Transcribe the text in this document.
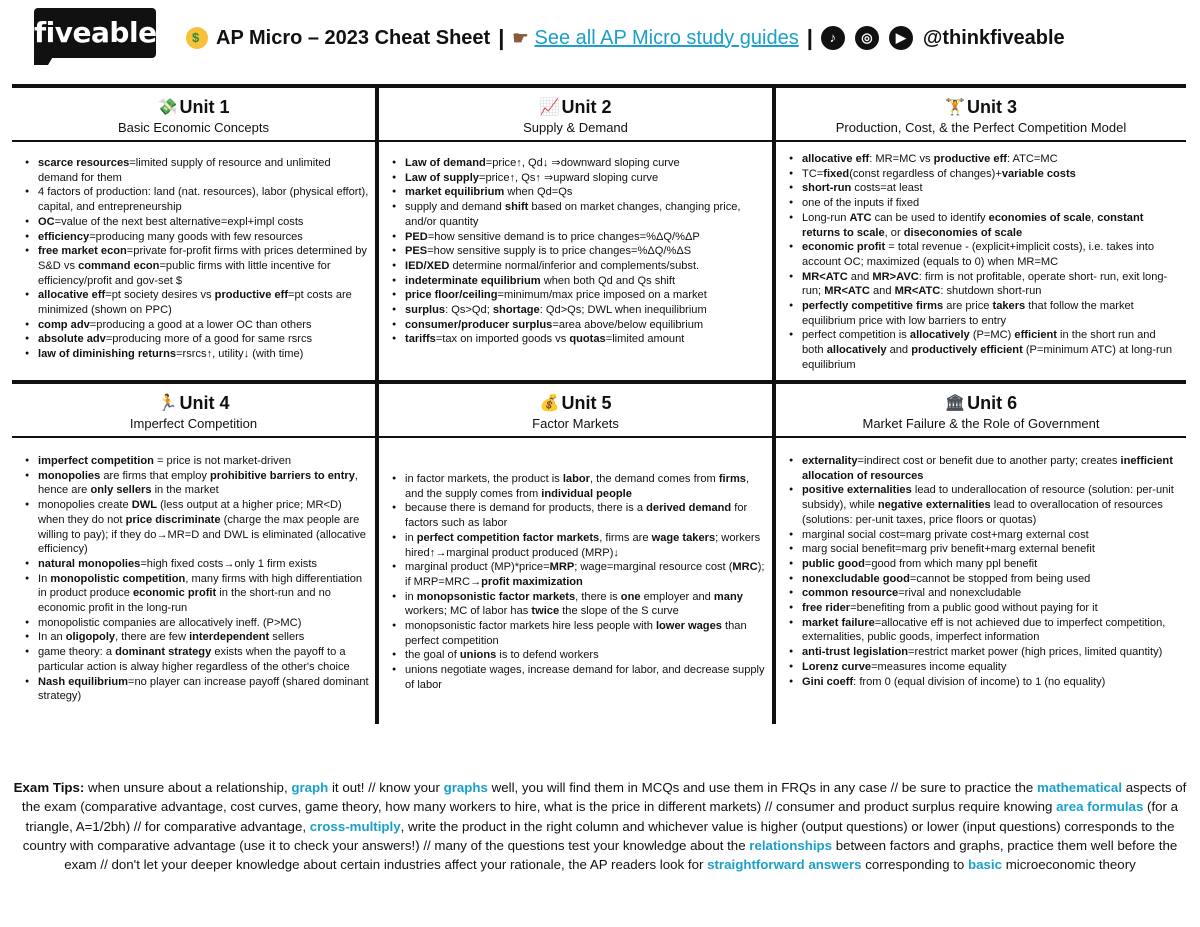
fiveable
$	AP Micro – 2023 Cheat Sheet | ☛ See all AP Micro study guides |	♪	◎	▶ @thinkfiveable
💸 Unit 1
Basic Economic Concepts
● scarce resources=limited supply of resource and unlimited demand for them
● 4 factors of production: land (nat. resources), labor (physical effort), capital, and entrepreneurship
● OC=value of the next best alternative=expl+impl costs
● efficiency=producing many goods with few resources
● free market econ=private for-profit firms with prices determined by S&D vs command econ=public firms with little incentive for efficiency/profit and gov-set $
● allocative eff=pt society desires vs productive eff=pt costs are minimized (shown on PPC)
● comp adv=producing a good at a lower OC than others
● absolute adv=producing more of a good for same rsrcs
● law of diminishing returns=rsrcs↑, utility↓ (with time)
📈 Unit 2
Supply & Demand
● Law of demand=price↑, Qd↓ ⇒downward sloping curve
● Law of supply=price↑, Qs↑ ⇒upward sloping curve
● market equilibrium when Qd=Qs
● supply and demand shift based on market changes, changing price, and/or quantity
● PED=how sensitive demand is to price changes=%ΔQ/%ΔP
● PES=how sensitive supply is to price changes=%ΔQ/%ΔS
● IED/XED determine normal/inferior and complements/subst.
● indeterminate equilibrium when both Qd and Qs shift
● price floor/ceiling=minimum/max price imposed on a market
● surplus: Qs>Qd; shortage: Qd>Qs; DWL when inequilibrium
● consumer/producer surplus=area above/below equilibrium
● tariffs=tax on imported goods vs quotas=limited amount
🏋 Unit 3
Production, Cost, & the Perfect Competition Model
● allocative eff: MR=MC vs productive eff: ATC=MC
● TC=fixed(const regardless of changes)+variable costs
● short-run costs=at least
● one of the inputs if fixed
● Long-run ATC can be used to identify economies of scale, constant returns to scale, or diseconomies of scale
● economic profit = total revenue - (explicit+implicit costs), i.e. takes into account OC; maximized (equals to 0) when MR=MC
● MR<ATC and MR>AVC: firm is not profitable, operate short- run, exit long-run; MR<ATC and MR<ATC: shutdown short-run
● perfectly competitive firms are price takers that follow the market equilibrium price with low barriers to entry
● perfect competition is allocatively (P=MC) efficient in the short run and both allocatively and productively efficient (P=minimum ATC) at long-run equilibrium
🏃 Unit 4
Imperfect Competition
● imperfect competition = price is not market-driven
● monopolies are firms that employ prohibitive barriers to entry, hence are only sellers in the market
● monopolies create DWL (less output at a higher price; MR<D) when they do not price discriminate (charge the max people are willing to pay); if they do→MR=D and DWL is eliminated (allocative efficiency)
● natural monopolies=high fixed costs→only 1 firm exists
● In monopolistic competition, many firms with high differentiation in product produce economic profit in the short-run and no economic profit in the long-run
● monopolistic companies are allocatively ineff. (P>MC)
● In an oligopoly, there are few interdependent sellers
● game theory: a dominant strategy exists when the payoff to a particular action is alway higher regardless of the other's choice
● Nash equilibrium=no player can increase payoff (shared dominant strategy)
💰 Unit 5
Factor Markets
● in factor markets, the product is labor, the demand comes from firms, and the supply comes from individual people
● because there is demand for products, there is a derived demand for factors such as labor
● in perfect competition factor markets, firms are wage takers; workers hired↑→marginal product produced (MRP)↓
● marginal product (MP)*price=MRP; wage=marginal resource cost (MRC); if MRP=MRC→profit maximization
● in monopsonistic factor markets, there is one employer and many workers; MC of labor has twice the slope of the S curve
● monopsonistic factor markets hire less people with lower wages than perfect competition
● the goal of unions is to defend workers
● unions negotiate wages, increase demand for labor, and decrease supply of labor
🏛 Unit 6
Market Failure & the Role of Government
● externality=indirect cost or benefit due to another party; creates inefficient allocation of resources
● positive externalities lead to underallocation of resource (solution: per-unit subsidy), while negative externalities lead to overallocation of resources (solutions: per-unit taxes, price floors or quotas)
● marginal social cost=marg private cost+marg external cost
● marg social benefit=marg priv benefit+marg external benefit
● public good=good from which many ppl benefit
● nonexcludable good=cannot be stopped from being used
● common resource=rival and nonexcludable
● free rider=benefiting from a public good without paying for it
● market failure=allocative eff is not achieved due to imperfect competition, externalities, public goods, imperfect information
● anti-trust legislation=restrict market power (high prices, limited quantity)
● Lorenz curve=measures income equality
● Gini coeff: from 0 (equal division of income) to 1 (no equality)
Exam Tips: when unsure about a relationship, graph it out! // know your graphs well, you will find them in MCQs and use them in FRQs in any case // be sure to practice the mathematical aspects of the exam (comparative advantage, cost curves, game theory, how many workers to hire, what is the price in different markets) // consumer and product surplus require knowing area formulas (for a triangle, A=1/2bh) // for comparative advantage, cross-multiply, write the product in the right column and whichever value is higher (output questions) or lower (input questions) corresponds to the country with comparative advantage (use it to check your answers!) // many of the questions test your knowledge about the relationships between factors and graphs, practice them well before the exam // don't let your deeper knowledge about certain industries affect your rationale, the AP readers look for straightforward answers corresponding to basic microeconomic theory
